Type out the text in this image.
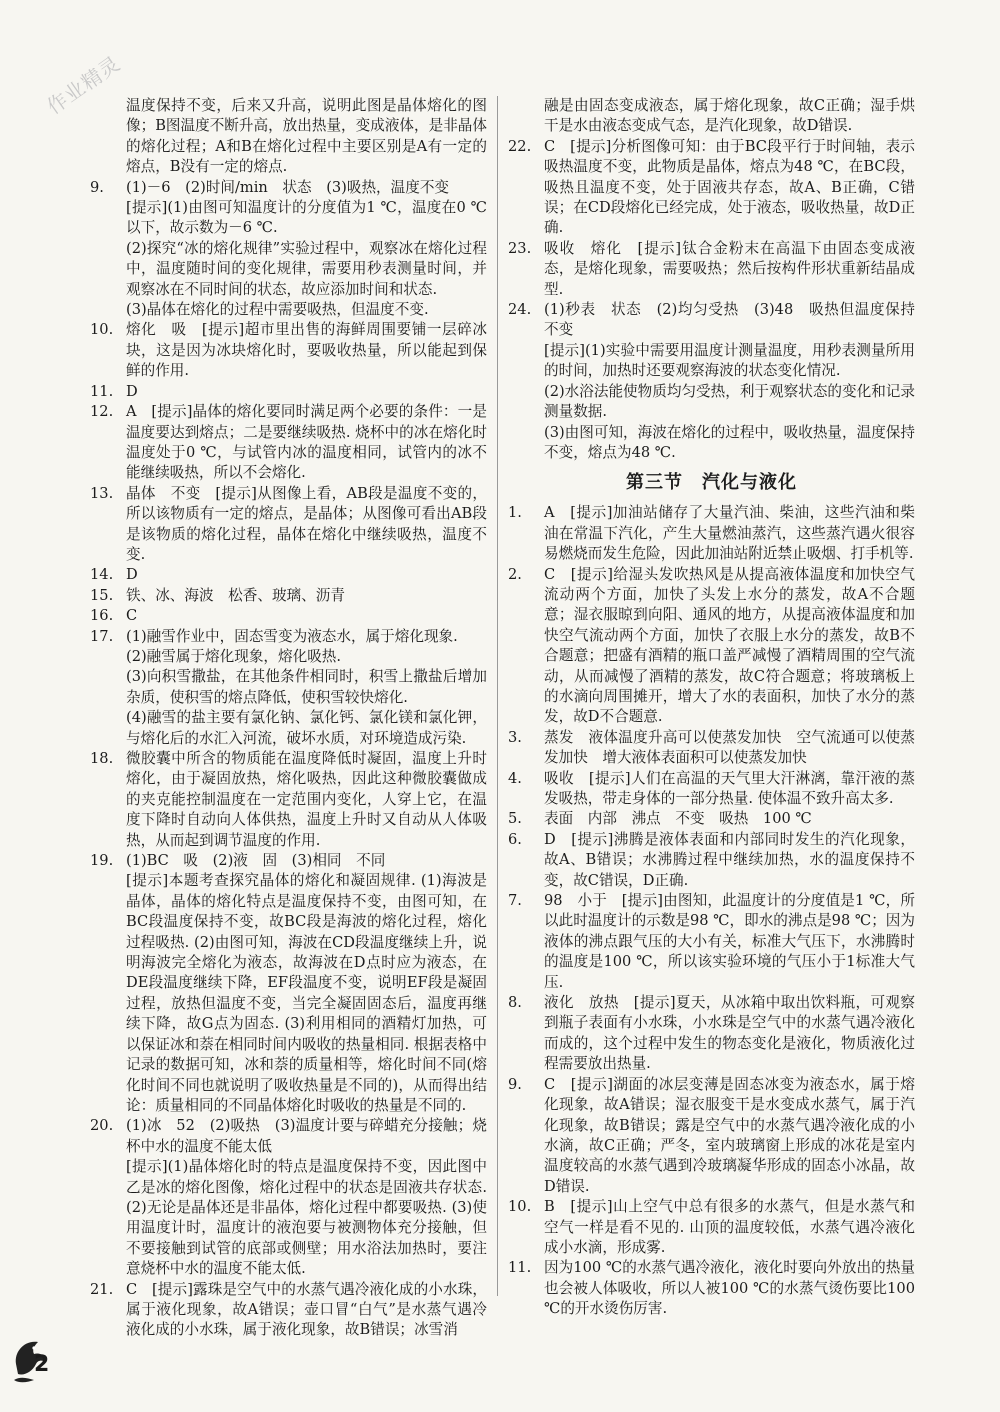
作业精灵 温度保持不变，后来又升高，说明此图是晶体熔化的图像；B图温度不断升高，放出热量，变成液体，是非晶体的熔化过程；A和B在熔化过程中主要区别是A有一定的熔点，B没有一定的熔点.
9.	(1)－6　(2)时间/min　状态　(3)吸热，温度不变
[提示](1)由图可知温度计的分度值为1 ℃，温度在0 ℃以下，故示数为－6 ℃.
(2)探究“冰的熔化规律”实验过程中，观察冰在熔化过程中，温度随时间的变化规律，需要用秒表测量时间，并观察冰在不同时间的状态，故应添加时间和状态.
(3)晶体在熔化的过程中需要吸热，但温度不变.
10. 熔化　吸　[提示]超市里出售的海鲜周围要铺一层碎冰块，这是因为冰块熔化时，要吸收热量，所以能起到保鲜的作用.
11. D
12. A　[提示]晶体的熔化要同时满足两个必要的条件：一是温度要达到熔点；二是要继续吸热. 烧杯中的冰在熔化时温度处于0 ℃，与试管内冰的温度相同，试管内的冰不能继续吸热，所以不会熔化.
13. 晶体　不变　[提示]从图像上看，AB段是温度不变的，所以该物质有一定的熔点，是晶体；从图像可看出AB段是该物质的熔化过程，晶体在熔化中继续吸热，温度不变.
14. D
15. 铁、冰、海波　松香、玻璃、沥青
16. C
17. (1)融雪作业中，固态雪变为液态水，属于熔化现象.
(2)融雪属于熔化现象，熔化吸热.
(3)向积雪撒盐，在其他条件相同时，积雪上撒盐后增加杂质，使积雪的熔点降低，使积雪较快熔化.
(4)融雪的盐主要有氯化钠、氯化钙、氯化镁和氯化钾，与熔化后的水汇入河流，破坏水质，对环境造成污染.
18. 微胶囊中所含的物质能在温度降低时凝固，温度上升时熔化，由于凝固放热，熔化吸热，因此这种微胶囊做成的夹克能控制温度在一定范围内变化，人穿上它，在温度下降时自动向人体供热，温度上升时又自动从人体吸热，从而起到调节温度的作用.
19. (1)BC　吸　(2)液　固　(3)相同　不同
[提示]本题考查探究晶体的熔化和凝固规律. (1)海波是晶体，晶体的熔化特点是温度保持不变，由图可知，在BC段温度保持不变，故BC段是海波的熔化过程，熔化过程吸热. (2)由图可知，海波在CD段温度继续上升，说明海波完全熔化为液态，故海波在D点时应为液态，在DE段温度继续下降，EF段温度不变，说明EF段是凝固过程，放热但温度不变，当完全凝固固态后，温度再继续下降，故G点为固态. (3)利用相同的酒精灯加热，可以保证冰和萘在相同时间内吸收的热量相同. 根据表格中记录的数据可知，冰和萘的质量相等，熔化时间不同(熔化时间不同也就说明了吸收热量是不同的)，从而得出结论：质量相同的不同晶体熔化时吸收的热量是不同的.
20. (1)冰　52　(2)吸热　(3)温度计要与碎蜡充分接触；烧杯中水的温度不能太低
[提示](1)晶体熔化时的特点是温度保持不变，因此图中乙是冰的熔化图像，熔化过程中的状态是固液共存状态. (2)无论是晶体还是非晶体，熔化过程中都要吸热. (3)使用温度计时，温度计的液泡要与被测物体充分接触，但不要接触到试管的底部或侧壁；用水浴法加热时，要注意烧杯中水的温度不能太低.
21. C　[提示]露珠是空气中的水蒸气遇冷液化成的小水珠，属于液化现象，故A错误；壶口冒“白气”是水蒸气遇冷液化成的小水珠，属于液化现象，故B错误；冰雪消
融是由固态变成液态，属于熔化现象，故C正确；湿手烘干是水由液态变成气态，是汽化现象，故D错误.
22. C　[提示]分析图像可知：由于BC段平行于时间轴，表示吸热温度不变，此物质是晶体，熔点为48 ℃，在BC段，吸热且温度不变，处于固液共存态，故A、B正确，C错误；在CD段熔化已经完成，处于液态，吸收热量，故D正确.
23. 吸收　熔化　[提示]钛合金粉末在高温下由固态变成液态，是熔化现象，需要吸热；然后按构件形状重新结晶成型.
24. (1)秒表　状态　(2)均匀受热　(3)48　吸热但温度保持不变
[提示](1)实验中需要用温度计测量温度，用秒表测量所用的时间，加热时还要观察海波的状态变化情况.
(2)水浴法能使物质均匀受热，利于观察状态的变化和记录测量数据.
(3)由图可知，海波在熔化的过程中，吸收热量，温度保持不变，熔点为48 ℃.
第三节　汽化与液化
1.	A　[提示]加油站储存了大量汽油、柴油，这些汽油和柴油在常温下汽化，产生大量燃油蒸汽，这些蒸汽遇火很容易燃烧而发生危险，因此加油站附近禁止吸烟、打手机等.
2.	C　[提示]给湿头发吹热风是从提高液体温度和加快空气流动两个方面，加快了头发上水分的蒸发，故A不合题意；湿衣服晾到向阳、通风的地方，从提高液体温度和加快空气流动两个方面，加快了衣服上水分的蒸发，故B不合题意；把盛有酒精的瓶口盖严减慢了酒精周围的空气流动，从而减慢了酒精的蒸发，故C符合题意；将玻璃板上的水滴向周围摊开，增大了水的表面积，加快了水分的蒸发，故D不合题意.
3.	蒸发　液体温度升高可以使蒸发加快　空气流通可以使蒸发加快　增大液体表面积可以使蒸发加快
4.	吸收　[提示]人们在高温的天气里大汗淋漓，靠汗液的蒸发吸热，带走身体的一部分热量. 使体温不致升高太多.
5.	表面　内部　沸点　不变　吸热　100 ℃
6.	D　[提示]沸腾是液体表面和内部同时发生的汽化现象，故A、B错误；水沸腾过程中继续加热，水的温度保持不变，故C错误，D正确.
7.	98　小于　[提示]由图知，此温度计的分度值是1 ℃，所以此时温度计的示数是98 ℃，即水的沸点是98 ℃；因为液体的沸点跟气压的大小有关，标准大气压下，水沸腾时的温度是100 ℃，所以该实验环境的气压小于1标准大气压.
8.	液化　放热　[提示]夏天，从冰箱中取出饮料瓶，可观察到瓶子表面有小水珠，小水珠是空气中的水蒸气遇冷液化而成的，这个过程中发生的物态变化是液化，物质液化过程需要放出热量.
9.	C　[提示]湖面的冰层变薄是固态冰变为液态水，属于熔化现象，故A错误；湿衣服变干是水变成水蒸气，属于汽化现象，故B错误；露是空气中的水蒸气遇冷液化成的小水滴，故C正确；严冬，室内玻璃窗上形成的冰花是室内温度较高的水蒸气遇到冷玻璃凝华形成的固态小冰晶，故D错误.
10. B　[提示]山上空气中总有很多的水蒸气，但是水蒸气和空气一样是看不见的. 山顶的温度较低，水蒸气遇冷液化成小水滴，形成雾.
11. 因为100 ℃的水蒸气遇冷液化，液化时要向外放出的热量也会被人体吸收，所以人被100 ℃的水蒸气烫伤要比100 ℃的开水烫伤厉害.
2
